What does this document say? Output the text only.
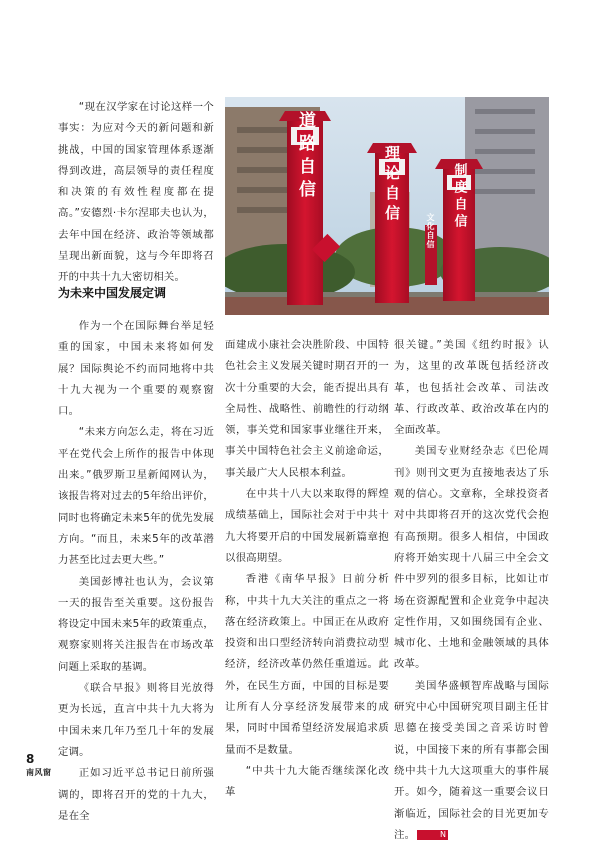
“现在汉学家在讨论这样一个事实：为应对今天的新问题和新挑战，中国的国家管理体系逐渐得到改进，高层领导的责任程度和决策的有效性程度都在提高。”安德烈·卡尔涅耶夫也认为，去年中国在经济、政治等领域都呈现出新面貌，这与今年即将召开的中共十九大密切相关。

为未来中国发展定调

作为一个在国际舞台举足轻重的国家，中国未来将如何发展？国际舆论不约而同地将中共十九大视为一个重要的观察窗口。

“未来方向怎么走，将在习近平在党代会上所作的报告中体现出来。”俄罗斯卫星新闻网认为，该报告将对过去的5年给出评价，同时也将确定未来5年的优先发展方向。“而且，未来5年的改革潜力甚至比过去更大些。”

美国彭博社也认为，会议第一天的报告至关重要。这份报告将设定中国未来5年的政策重点，观察家则将关注报告在市场改革问题上采取的基调。

《联合早报》则将目光放得更为长远，直言中共十九大将为中国未来几年乃至几十年的发展定调。

正如习近平总书记日前所强调的，即将召开的党的十九大，是在全

面建成小康社会决胜阶段、中国特色社会主义发展关键时期召开的一次十分重要的大会，能否提出具有全局性、战略性、前瞻性的行动纲领，事关党和国家事业继往开来，事关中国特色社会主义前途命运，事关最广大人民根本利益。

在中共十八大以来取得的辉煌成绩基础上，国际社会对于中共十九大将要开启的中国发展新篇章抱以很高期望。

香港《南华早报》日前分析称，中共十九大关注的重点之一将落在经济政策上。中国正在从政府投资和出口型经济转向消费拉动型经济，经济改革仍然任重道远。此外，在民生方面，中国的目标是要让所有人分享经济发展带来的成果，同时中国希望经济发展追求质量而不是数量。

“中共十九大能否继续深化改革

很关键。”美国《纽约时报》认为，这里的改革既包括经济改革，也包括社会改革、司法改革、行政改革、政治改革在内的全面改革。

美国专业财经杂志《巴伦周刊》则刊文更为直接地表达了乐观的信心。文章称，全球投资者对中共即将召开的这次党代会抱有高预期。很多人相信，中国政府将开始实现十八届三中全会文件中罗列的很多目标，比如让市场在资源配置和企业竞争中起决定性作用，又如围绕国有企业、城市化、土地和金融领域的具体改革。

美国华盛顿智库战略与国际研究中心中国研究项目副主任甘思德在接受美国之音采访时曾说，中国接下来的所有事都会围绕中共十九大这项重大的事件展开。如今，随着这一重要会议日渐临近，国际社会的目光更加专注。	N

道路自信	理论自信	制度自信
文化自信
8
南风窗
